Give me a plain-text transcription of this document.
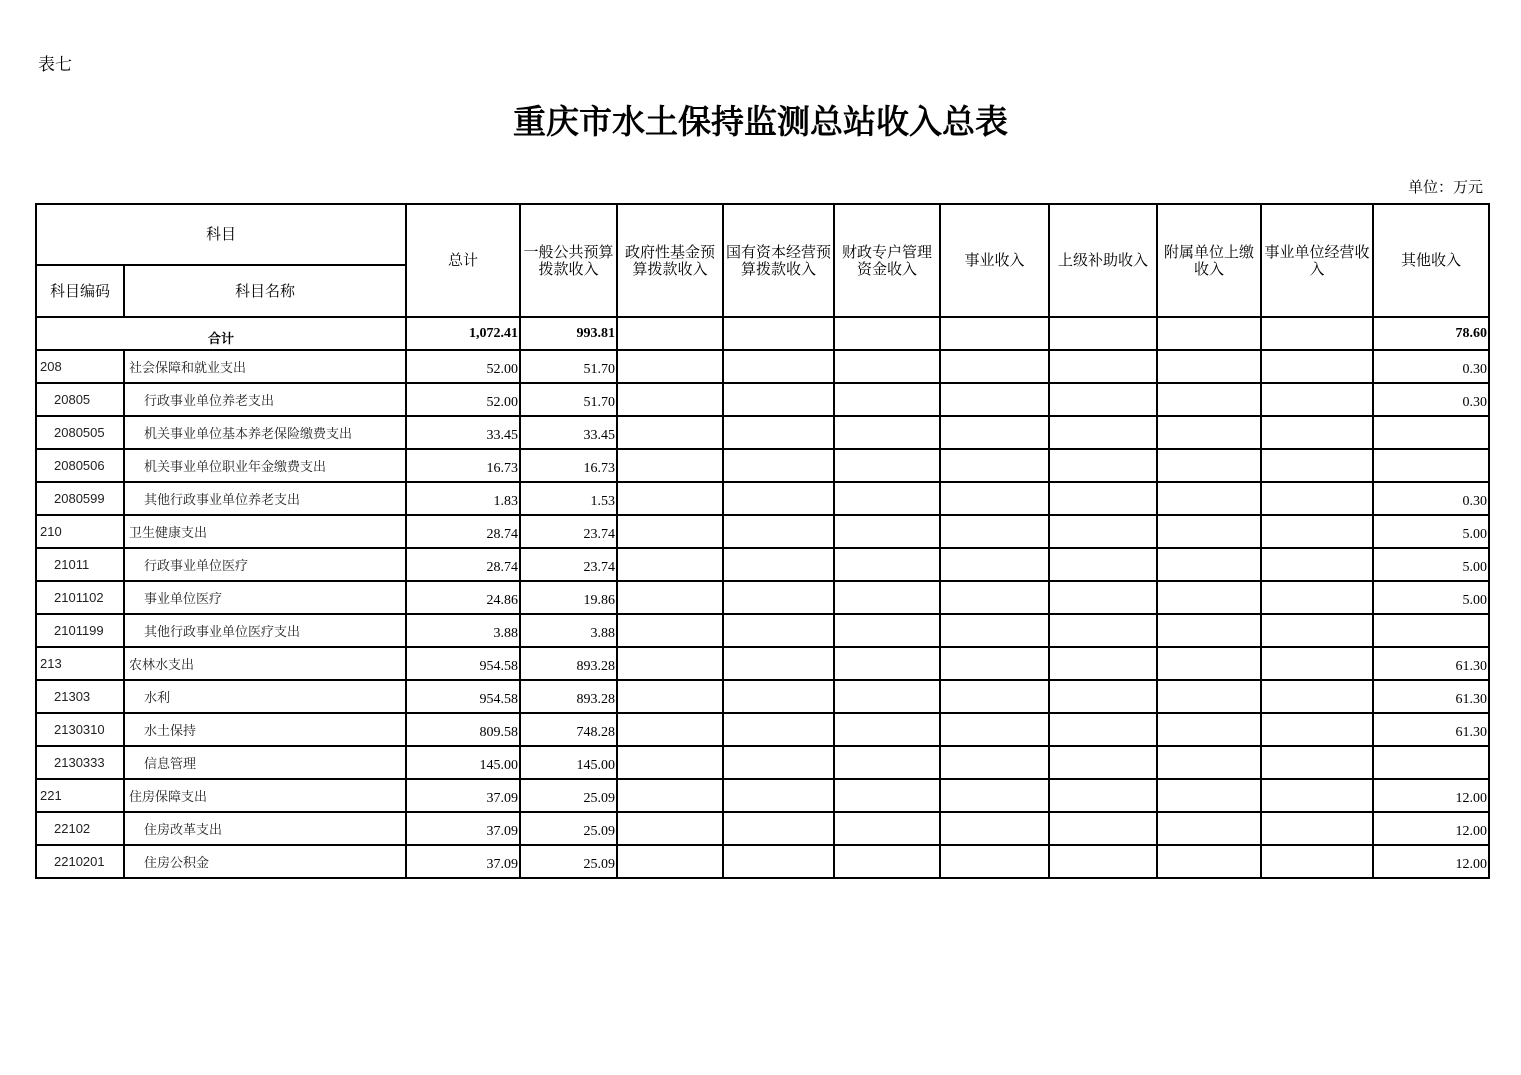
表七
重庆市水土保持监测总站收入总表
单位：万元
科目		总计	一般公共预算拨款收入	政府性基金预算拨款收入	国有资本经营预算拨款收入	财政专户管理资金收入	事业收入	上级补助收入	附属单位上缴收入	事业单位经营收入	其他收入
科目编码	科目名称										
合计		1,072.41	993.81								78.60
208	社会保障和就业支出	52.00	51.70								0.30
20805	行政事业单位养老支出	52.00	51.70								0.30
2080505	机关事业单位基本养老保险缴费支出	33.45	33.45								
2080506	机关事业单位职业年金缴费支出	16.73	16.73								
2080599	其他行政事业单位养老支出	1.83	1.53								0.30
210	卫生健康支出	28.74	23.74								5.00
21011	行政事业单位医疗	28.74	23.74								5.00
2101102	事业单位医疗	24.86	19.86								5.00
2101199	其他行政事业单位医疗支出	3.88	3.88								
213	农林水支出	954.58	893.28								61.30
21303	水利	954.58	893.28								61.30
2130310	水土保持	809.58	748.28								61.30
2130333	信息管理	145.00	145.00								
221	住房保障支出	37.09	25.09								12.00
22102	住房改革支出	37.09	25.09								12.00
2210201	住房公积金	37.09	25.09								12.00
